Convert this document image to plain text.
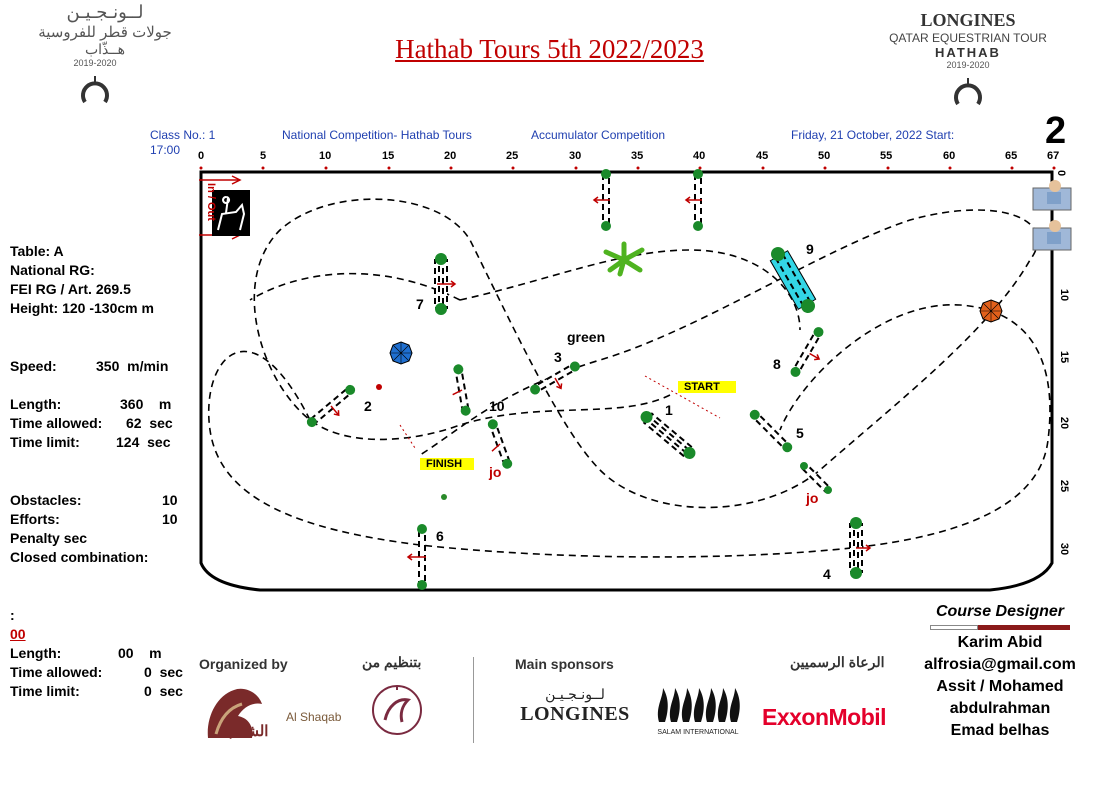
لــونـجـيـن
جولات قطر للفروسية
هــذّاب
2019-2020
LONGINES
QATAR EQUESTRIAN TOUR
HATHAB
2019-2020
Hathab Tours 5th 2022/2023
Class No.: 1
17:00
National Competition- Hathab Tours	Accumulator Competition	Friday, 21 October, 2022 Start: 2
0	5	10	15	20	25	30	35	40	45	50	55	60	65	67
0
10
15
20
25
30
In / Out
1
2
3
4
5
6
7
8
9
10
green
jo
jo
START
FINISH
Table: A
National RG:
FEI RG / Art. 269.5
Height: 120 -130cm m
Speed:	350  m/min
Length:	360    m
Time allowed:	62  sec
Time limit:	124  sec
Obstacles:	10
Efforts:	10
Penalty sec
Closed combination:
:
00
Length:	00    m
Time allowed:	0  sec
Time limit:	0  sec
Organized by	بتنظيم من	Main sponsors	الرعاة الرسميين
Al Shaqab
الشقب
لــونـجـيـن
LONGINES
SALAM INTERNATIONAL
ExxonMobil
Course Designer
Karim Abid
alfrosia@gmail.com
Assit / Mohamed
abdulrahman
Emad belhas
